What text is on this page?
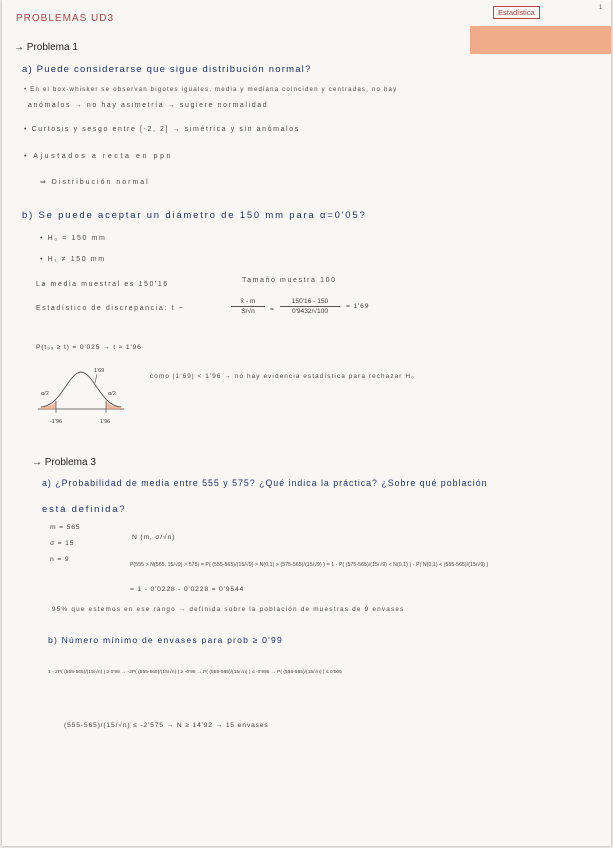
PROBLEMAS UD3
Estadística	1
→ Problema 1
a) Puede considerarse que sigue distribución normal?
• En el box-whisker se observan bigotes iguales, media y mediana coinciden y centradas, no hay
anómalos → no hay asimetría → sugiere normalidad
• Curtosis y sesgo entre [-2, 2] → simétrica y sin anómalos
• Ajustados a recta en ppn
⇒ Distribución normal
b) Se puede aceptar un diámetro de 150 mm para α=0'05?
• H₀ = 150 mm
• H₁ ≠ 150 mm
La media muestral es 150'16
Tamaño muestra 100
Estadístico de discrepancia: t ~	$\frac{x̄ - m}{S/√n} = \frac{150'16 - 150}{0'9432/√100} = 1'69$
P(t₉₉ ≥ t) = 0'025 → t ≈ 1'96
1'69
α/2	α/2
-1'96	1'96
como |1'69| < 1'96 → no hay evidencia estadística para rechazar H₀
→ Problema 3
a) ¿Probabilidad de media entre 555 y 575? ¿Qué indica la práctica? ¿Sobre qué población
está definida?
m = 565
σ = 15
n = 9
N (m, σ/√n)
P(555 > N(565, 15/√9) > 575) = P( (555-565)/(15/√9) > N(0,1) > (575-565)/(15/√9) ) = 1 - P( (575-565)/(15/√9) < N(0,1) ) - P( N(0,1) < (555-565)/(15/√9) )
= 1 - 0'0228 - 0'0228 = 0'9544
95% que estemos en ese rango → definida sobre la población de muestras de 9 envases
b) Número mínimo de envases para prob ≥ 0'99
1 - 2P( (555-565)/(15/√n) ) ≥ 0'99 → -2P( (555-565)/(15/√n) ) ≥ -0'99 → P( (555-565)/(15/√n) ) ≤ -0'995 → P( (555-565)/(15/√n) ) ≤ 0'005
(555-565)/(15/√n) ≤ -2'575 → N ≥ 14'92 → 15 envases
